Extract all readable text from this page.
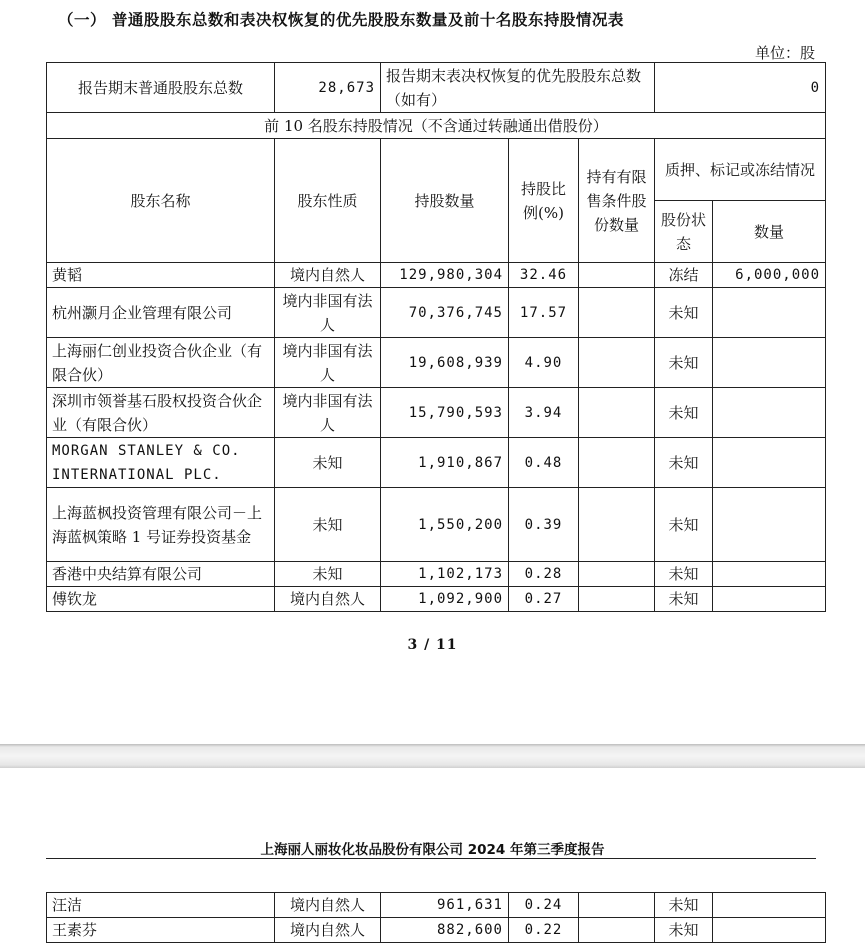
（一） 普通股股东总数和表决权恢复的优先股股东数量及前十名股东持股情况表
单位：股
报告期末普通股股东总数	28,673	报告期末表决权恢复的优先股股东总数（如有）			0	
前 10 名股东持股情况（不含通过转融通出借股份）						
股东名称	股东性质	持股数量	持股比例(%)	持有有限售条件股份数量	质押、标记或冻结情况	
					股份状态	数量
黄韬	境内自然人	129,980,304	32.46		冻结	6,000,000
杭州灏月企业管理有限公司	境内非国有法人	70,376,745	17.57		未知	
上海丽仁创业投资合伙企业（有限合伙）	境内非国有法人	19,608,939	4.90		未知	
深圳市领誉基石股权投资合伙企业（有限合伙）	境内非国有法人	15,790,593	3.94		未知	
MORGAN STANLEY & CO. INTERNATIONAL PLC.	未知	1,910,867	0.48		未知	
上海蓝枫投资管理有限公司－上海蓝枫策略 1 号证券投资基金	未知	1,550,200	0.39		未知	
香港中央结算有限公司	未知	1,102,173	0.28		未知	
傅钦龙	境内自然人	1,092,900	0.27		未知	
3 / 11
上海丽人丽妆化妆品股份有限公司 2024 年第三季度报告
汪洁	境内自然人	961,631	0.24		未知	
王素芬	境内自然人	882,600	0.22		未知	
